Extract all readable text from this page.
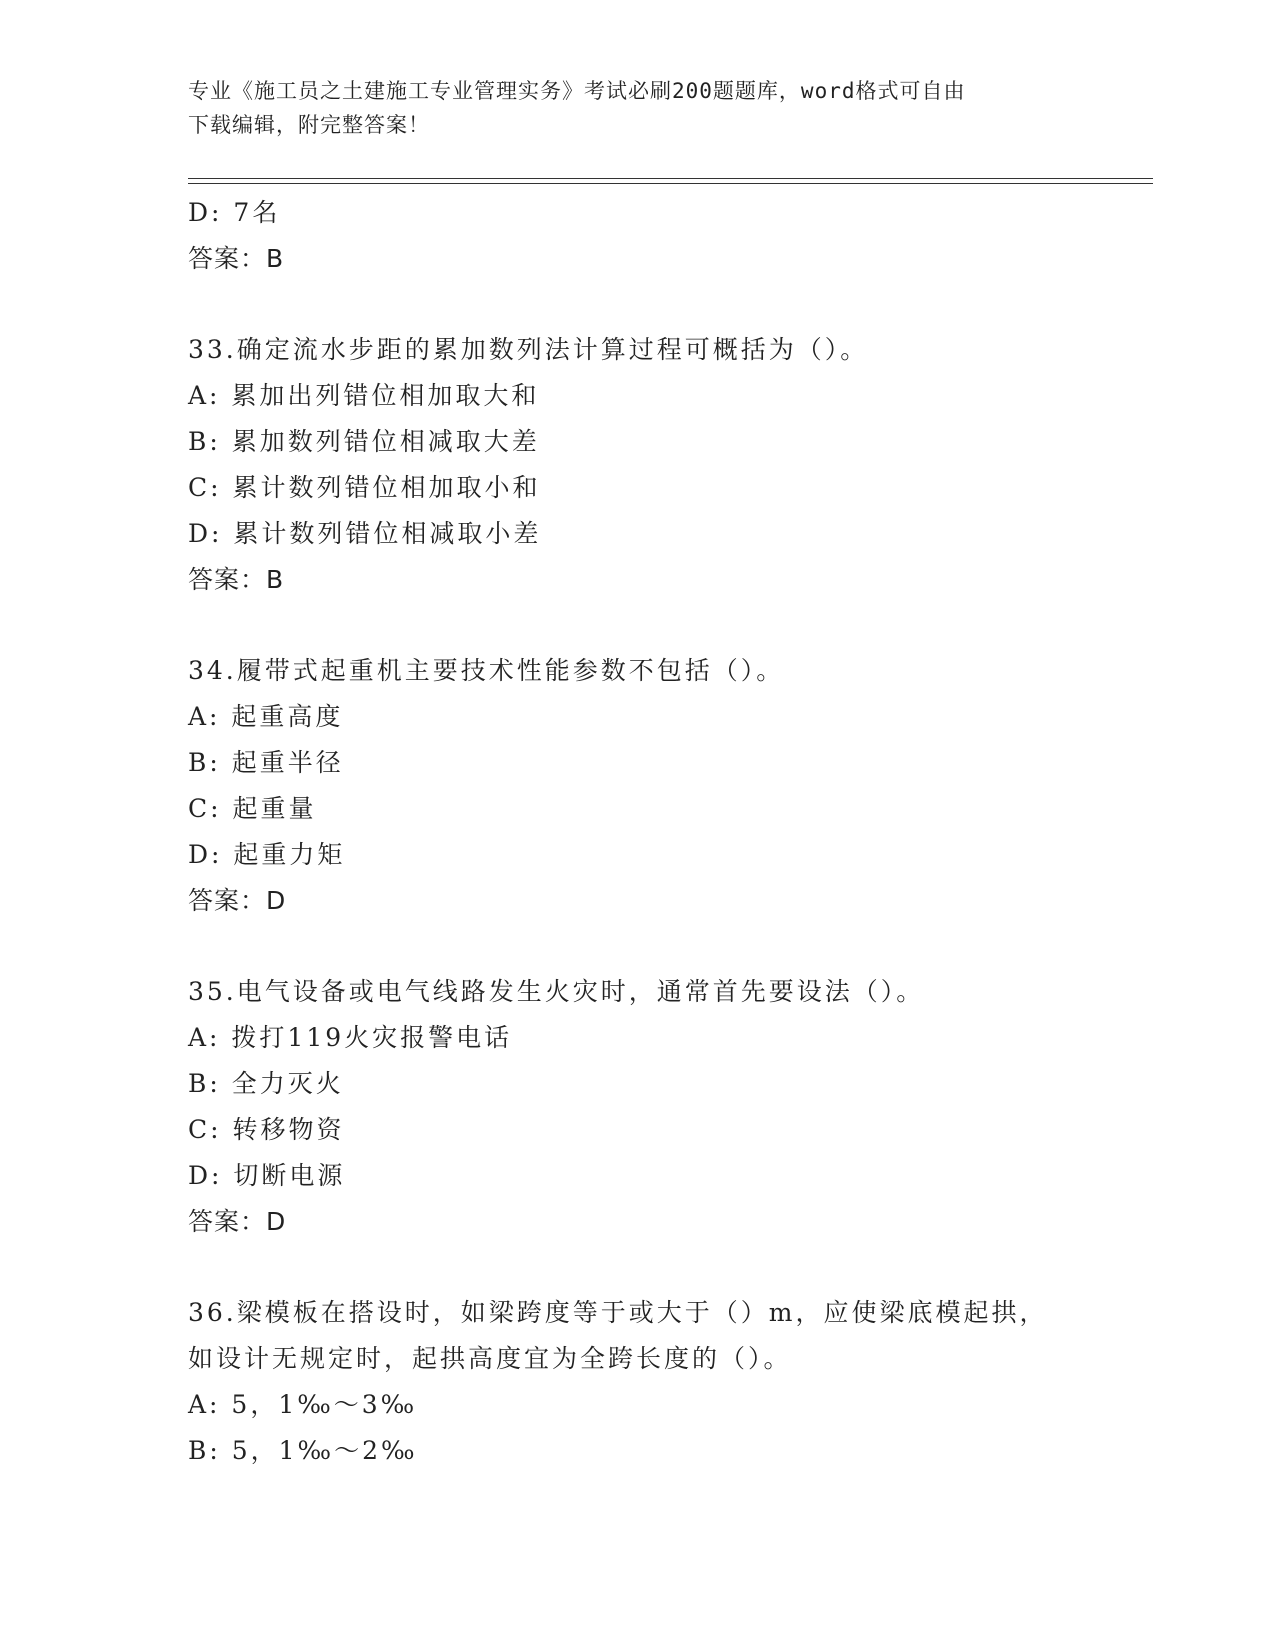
专业《施工员之土建施工专业管理实务》考试必刷200题题库，word格式可自由
下载编辑，附完整答案！
D: 7名
答案：B
33.确定流水步距的累加数列法计算过程可概括为（）。
A: 累加出列错位相加取大和
B: 累加数列错位相减取大差
C: 累计数列错位相加取小和
D: 累计数列错位相减取小差
答案：B
34.履带式起重机主要技术性能参数不包括（）。
A: 起重高度
B: 起重半径
C: 起重量
D: 起重力矩
答案：D
35.电气设备或电气线路发生火灾时，通常首先要设法（）。
A: 拨打119火灾报警电话
B: 全力灭火
C: 转移物资
D: 切断电源
答案：D
36.梁模板在搭设时，如梁跨度等于或大于（）m，应使梁底模起拱，
如设计无规定时，起拱高度宜为全跨长度的（）。
A: 5，1‰～3‰
B: 5，1‰～2‰
